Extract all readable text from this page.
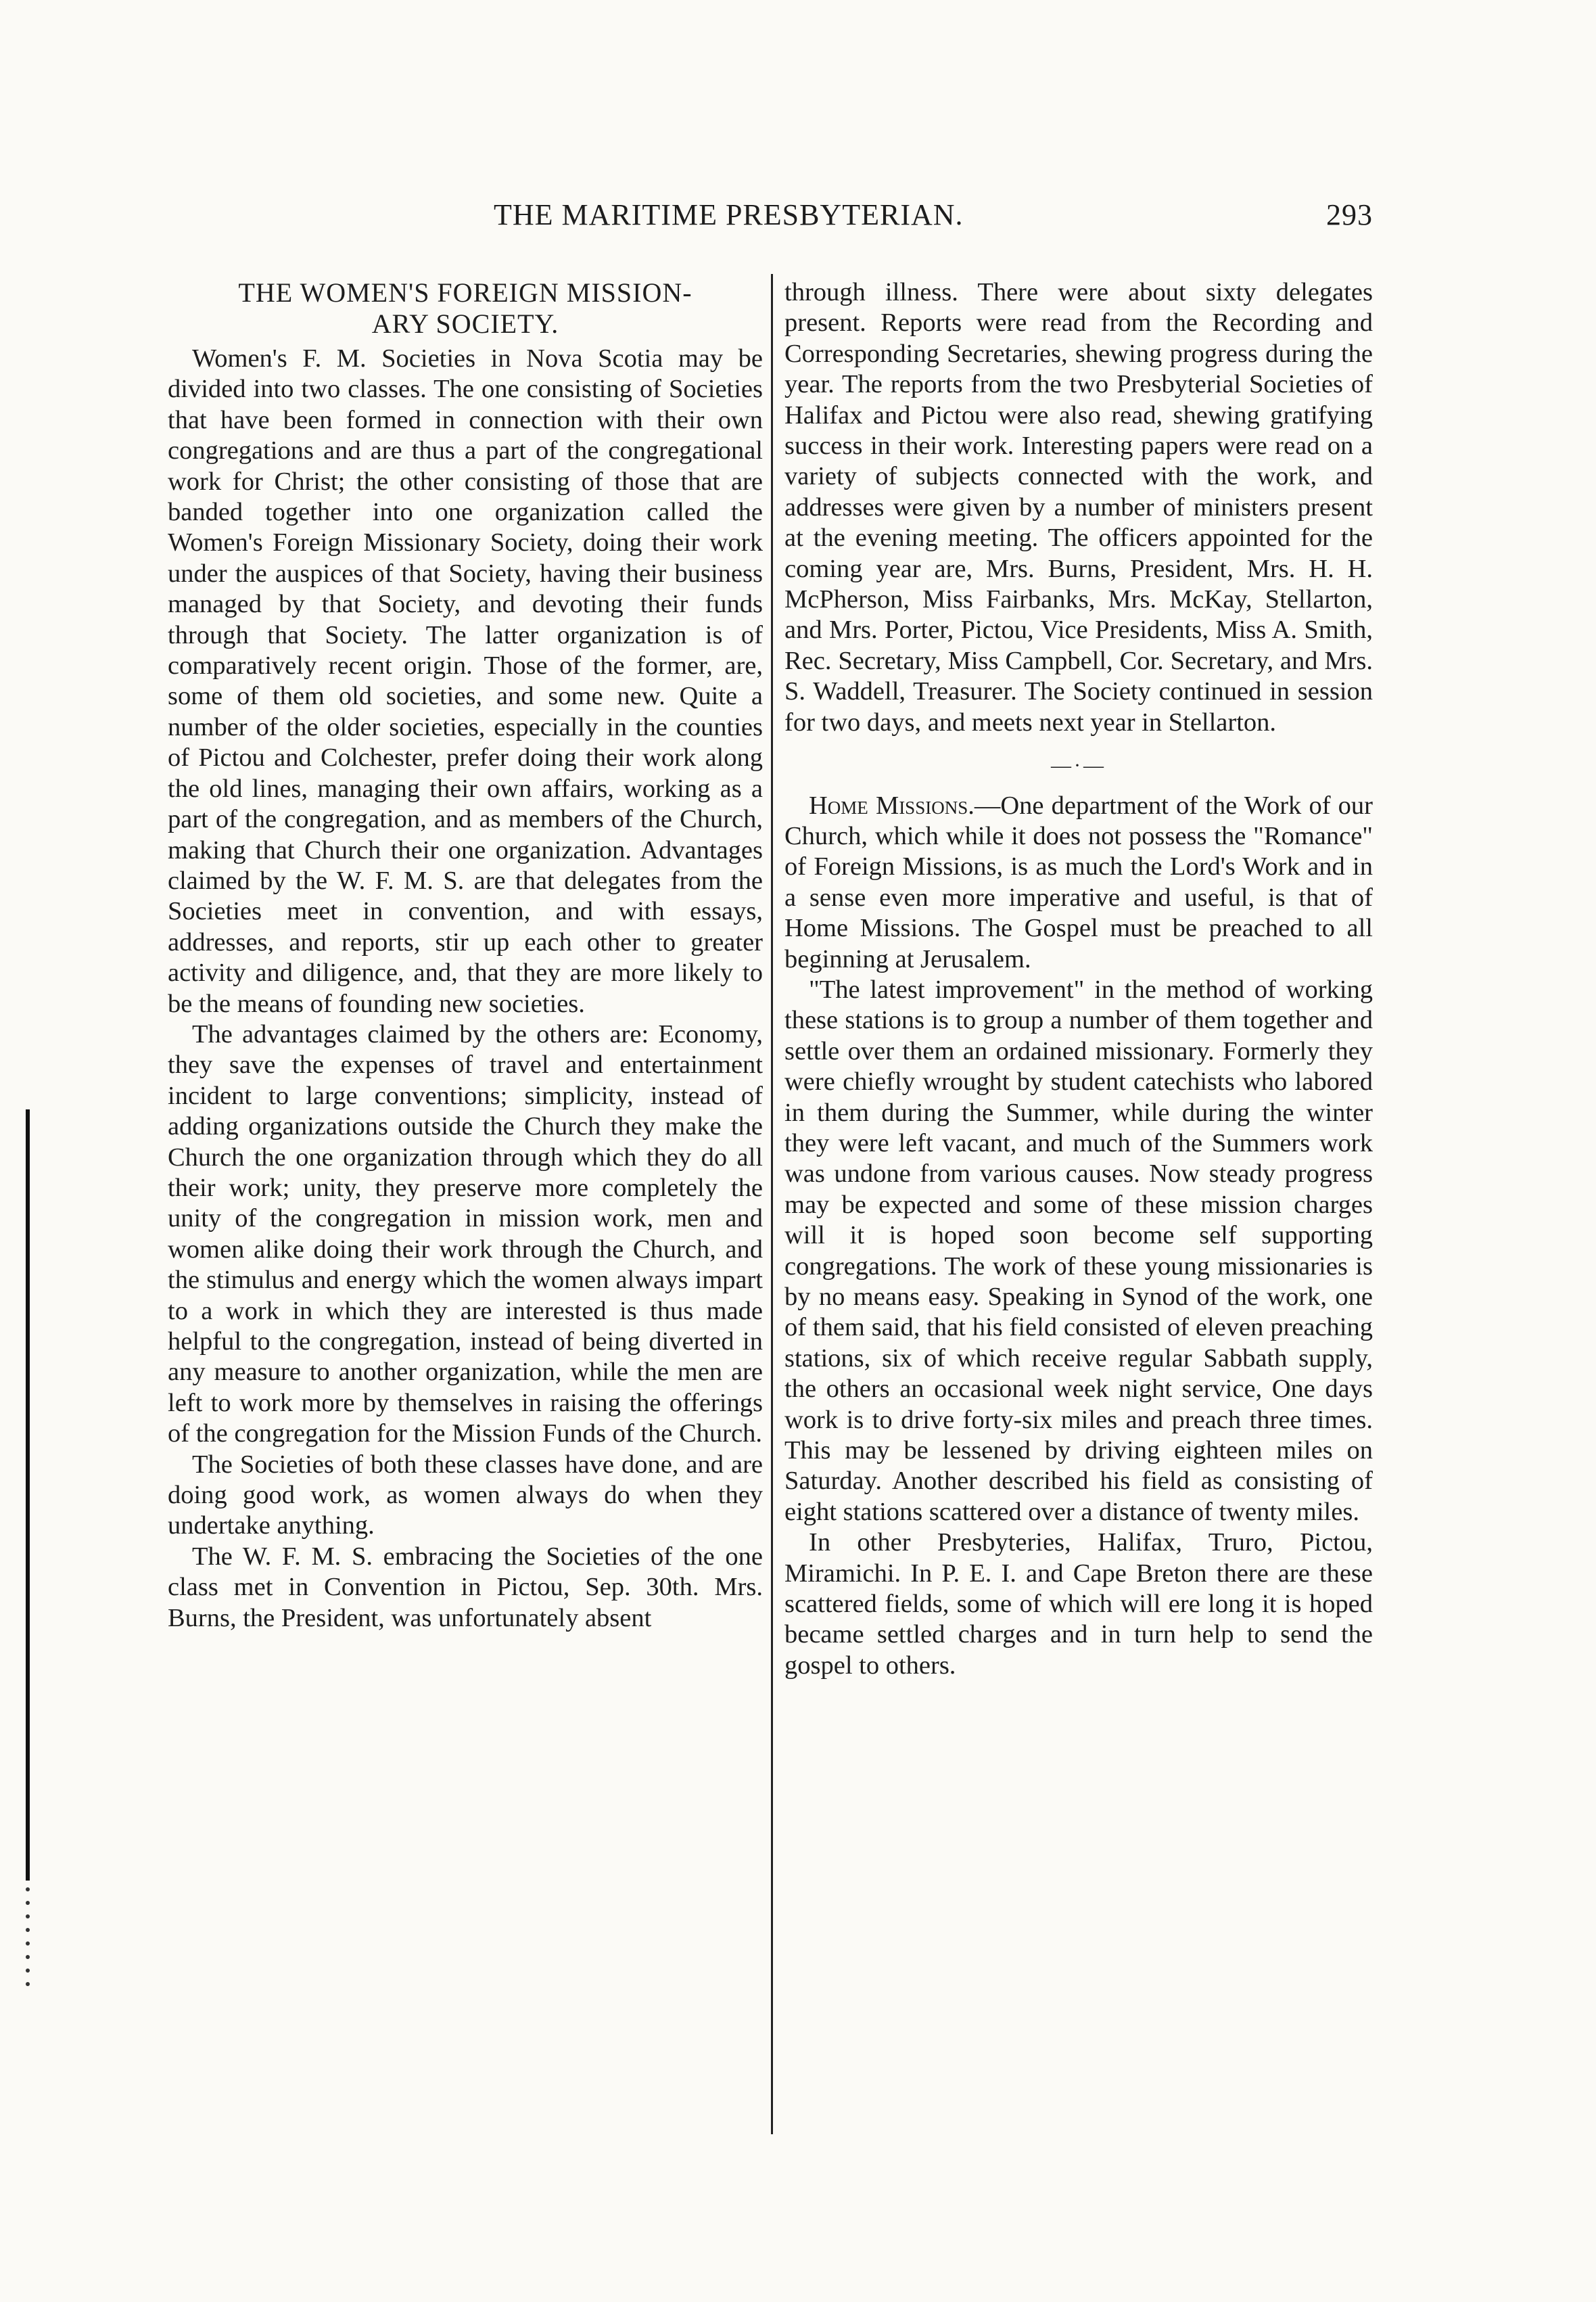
THE MARITIME PRESBYTERIAN.	293
THE WOMEN'S FOREIGN MISSION-
ARY SOCIETY.

Women's F. M. Societies in Nova Scotia may be divided into two classes. The one consisting of Societies that have been formed in connection with their own congregations and are thus a part of the congregational work for Christ; the other consisting of those that are banded together into one organization called the Women's Foreign Missionary Society, doing their work under the auspices of that Society, having their business managed by that Society, and devoting their funds through that Society. The latter organization is of comparatively recent origin. Those of the former, are, some of them old societies, and some new. Quite a number of the older societies, especially in the counties of Pictou and Colchester, prefer doing their work along the old lines, managing their own affairs, working as a part of the congregation, and as members of the Church, making that Church their one organization. Advantages claimed by the W. F. M. S. are that delegates from the Societies meet in convention, and with essays, addresses, and reports, stir up each other to greater activity and diligence, and, that they are more likely to be the means of founding new societies.

The advantages claimed by the others are: Economy, they save the expenses of travel and entertainment incident to large conventions; simplicity, instead of adding organizations outside the Church they make the Church the one organization through which they do all their work; unity, they preserve more completely the unity of the congregation in mission work, men and women alike doing their work through the Church, and the stimulus and energy which the women always impart to a work in which they are interested is thus made helpful to the congregation, instead of being diverted in any measure to another organization, while the men are left to work more by themselves in raising the offerings of the congregation for the Mission Funds of the Church.

The Societies of both these classes have done, and are doing good work, as women always do when they undertake anything.

The W. F. M. S. embracing the Societies of the one class met in Convention in Pictou, Sep. 30th. Mrs. Burns, the President, was unfortunately absent

through illness. There were about sixty delegates present. Reports were read from the Recording and Corresponding Secretaries, shewing progress during the year. The reports from the two Presbyterial Societies of Halifax and Pictou were also read, shewing gratifying success in their work. Interesting papers were read on a variety of subjects connected with the work, and addresses were given by a number of ministers present at the evening meeting. The officers appointed for the coming year are, Mrs. Burns, President, Mrs. H. H. McPherson, Miss Fairbanks, Mrs. McKay, Stellarton, and Mrs. Porter, Pictou, Vice Presidents, Miss A. Smith, Rec. Secretary, Miss Campbell, Cor. Secretary, and Mrs. S. Waddell, Treasurer. The Society continued in session for two days, and meets next year in Stellarton.

—·—

Home Missions.—One department of the Work of our Church, which while it does not possess the "Romance" of Foreign Missions, is as much the Lord's Work and in a sense even more imperative and useful, is that of Home Missions. The Gospel must be preached to all beginning at Jerusalem.

"The latest improvement" in the method of working these stations is to group a number of them together and settle over them an ordained missionary. Formerly they were chiefly wrought by student catechists who labored in them during the Summer, while during the winter they were left vacant, and much of the Summers work was undone from various causes. Now steady progress may be expected and some of these mission charges will it is hoped soon become self supporting congregations. The work of these young missionaries is by no means easy. Speaking in Synod of the work, one of them said, that his field consisted of eleven preaching stations, six of which receive regular Sabbath supply, the others an occasional week night service, One days work is to drive forty-six miles and preach three times. This may be lessened by driving eighteen miles on Saturday. Another described his field as consisting of eight stations scattered over a distance of twenty miles.

In other Presbyteries, Halifax, Truro, Pictou, Miramichi. In P. E. I. and Cape Breton there are these scattered fields, some of which will ere long it is hoped became settled charges and in turn help to send the gospel to others.
